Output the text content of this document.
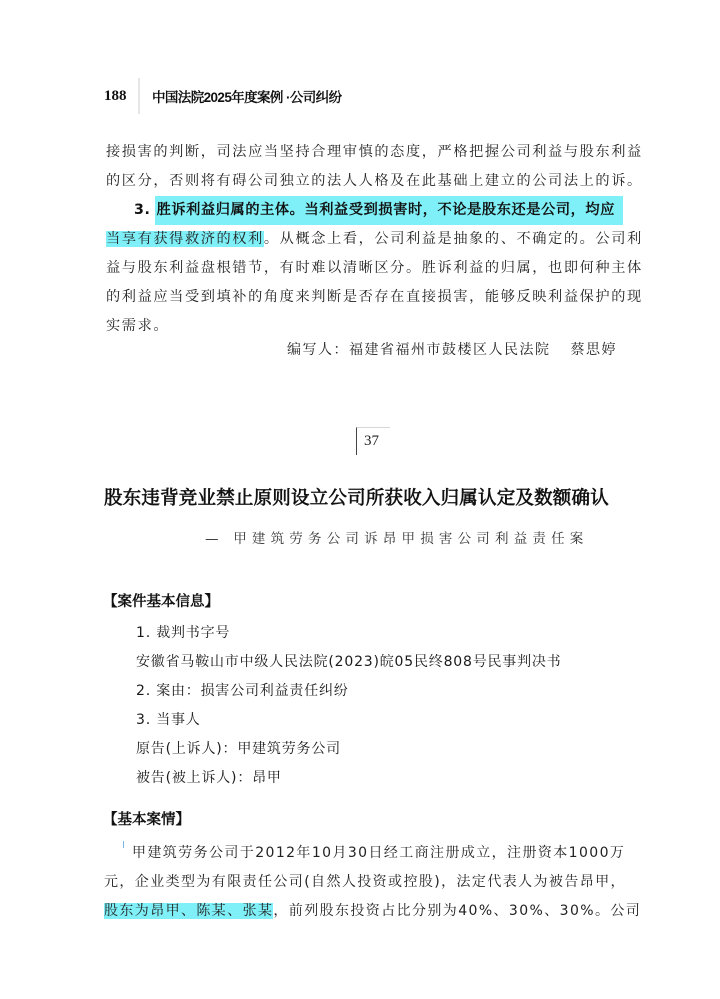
188	中国法院2025年度案例 ·公司纠纷
接损害的判断，司法应当坚持合理审慎的态度，严格把握公司利益与股东利益
的区分，否则将有碍公司独立的法人人格及在此基础上建立的公司法上的诉。
3. 胜诉利益归属的主体。当利益受到损害时，不论是股东还是公司，均应
当享有获得救济的权利。从概念上看，公司利益是抽象的、不确定的。公司利
益与股东利益盘根错节，有时难以清晰区分。胜诉利益的归属，也即何种主体
的利益应当受到填补的角度来判断是否存在直接损害，能够反映利益保护的现
实需求。
编写人：福建省福州市鼓楼区人民法院 蔡思婷
37
股东违背竞业禁止原则设立公司所获收入归属认定及数额确认
— 甲建筑劳务公司诉昂甲损害公司利益责任案
【案件基本信息】
1. 裁判书字号
安徽省马鞍山市中级人民法院(2023)皖05民终808号民事判决书
2. 案由：损害公司利益责任纠纷
3. 当事人
原告(上诉人)：甲建筑劳务公司
被告(被上诉人)：昂甲
【基本案情】
甲建筑劳务公司于2012年10月30日经工商注册成立，注册资本1000万
元，企业类型为有限责任公司(自然人投资或控股)，法定代表人为被告昂甲，
股东为昂甲、陈某、张某，前列股东投资占比分别为40%、30%、30%。公司
